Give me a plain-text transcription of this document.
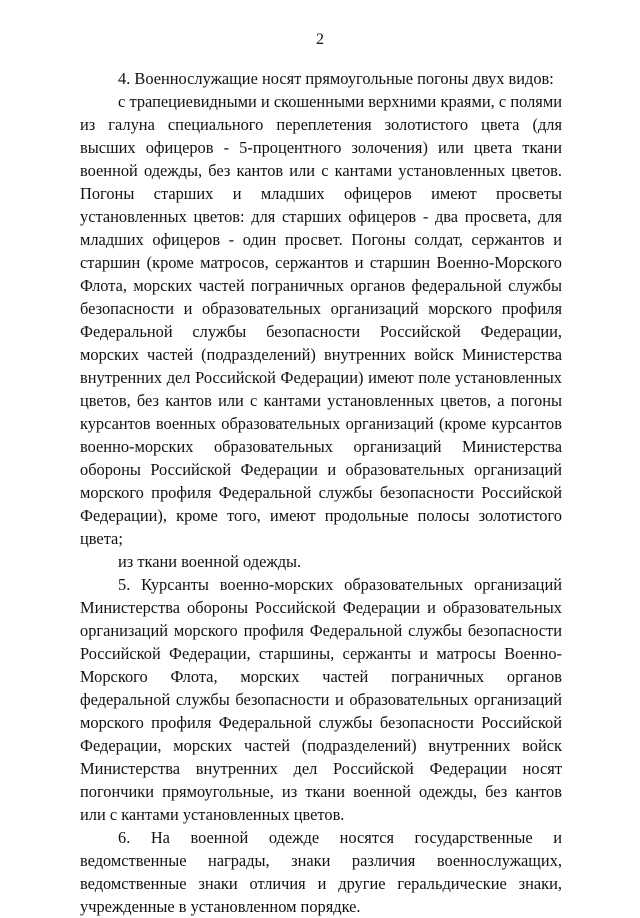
2

4. Военнослужащие носят прямоугольные погоны двух видов:

с трапециевидными и скошенными верхними краями, с полями из галуна специального переплетения золотистого цвета (для высших офицеров - 5-процентного золочения) или цвета ткани военной одежды, без кантов или с кантами установленных цветов. Погоны старших и младших офицеров имеют просветы установленных цветов: для старших офицеров - два просвета, для младших офицеров - один просвет. Погоны солдат, сержантов и старшин (кроме матросов, сержантов и старшин Военно-Морского Флота, морских частей пограничных органов федеральной службы безопасности и образовательных организаций морского профиля Федеральной службы безопасности Российской Федерации, морских частей (подразделений) внутренних войск Министерства внутренних дел Российской Федерации) имеют поле установленных цветов, без кантов или с кантами установленных цветов, а погоны курсантов военных образовательных организаций (кроме курсантов военно-морских образовательных организаций Министерства обороны Российской Федерации и образовательных организаций морского профиля Федеральной службы безопасности Российской Федерации), кроме того, имеют продольные полосы золотистого цвета;

из ткани военной одежды.

5. Курсанты военно-морских образовательных организаций Министерства обороны Российской Федерации и образовательных организаций морского профиля Федеральной службы безопасности Российской Федерации, старшины, сержанты и матросы Военно-Морского Флота, морских частей пограничных органов федеральной службы безопасности и образовательных организаций морского профиля Федеральной службы безопасности Российской Федерации, морских частей (подразделений) внутренних войск Министерства внутренних дел Российской Федерации носят погончики прямоугольные, из ткани военной одежды, без кантов или с кантами установленных цветов.

6. На военной одежде носятся государственные и ведомственные награды, знаки различия военнослужащих, ведомственные знаки отличия и другие геральдические знаки, учрежденные в установленном порядке.
